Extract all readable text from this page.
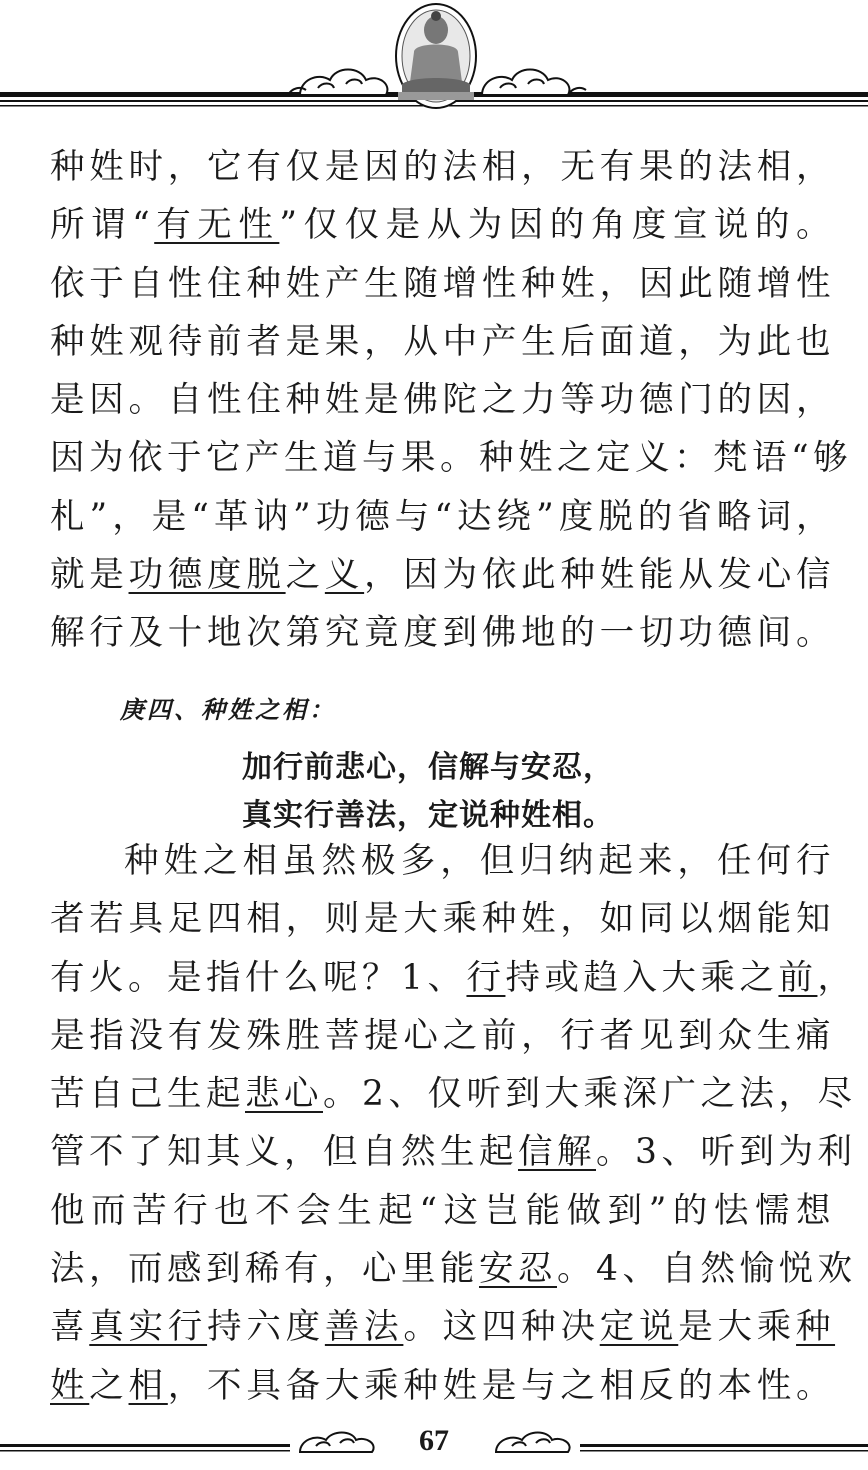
种姓时，它有仅是因的法相，无有果的法相，
所谓“有无性”仅仅是从为因的角度宣说的。
依于自性住种姓产生随增性种姓，因此随增性
种姓观待前者是果，从中产生后面道，为此也
是因。自性住种姓是佛陀之力等功德门的因，
因为依于它产生道与果。种姓之定义：梵语“够
札”，是“革讷”功德与“达绕”度脱的省略词，
就是功德度脱之义，因为依此种姓能从发心信
解行及十地次第究竟度到佛地的一切功德间。
庚四、种姓之相：
加行前悲心，信解与安忍，
真实行善法，定说种姓相。
种姓之相虽然极多，但归纳起来，任何行
者若具足四相，则是大乘种姓，如同以烟能知
有火。是指什么呢？1、行持或趋入大乘之前，
是指没有发殊胜菩提心之前，行者见到众生痛
苦自己生起悲心。2、仅听到大乘深广之法，尽
管不了知其义，但自然生起信解。3、听到为利
他而苦行也不会生起“这岂能做到”的怯懦想
法，而感到稀有，心里能安忍。4、自然愉悦欢
喜真实行持六度善法。这四种决定说是大乘种
姓之相，不具备大乘种姓是与之相反的本性。
67
